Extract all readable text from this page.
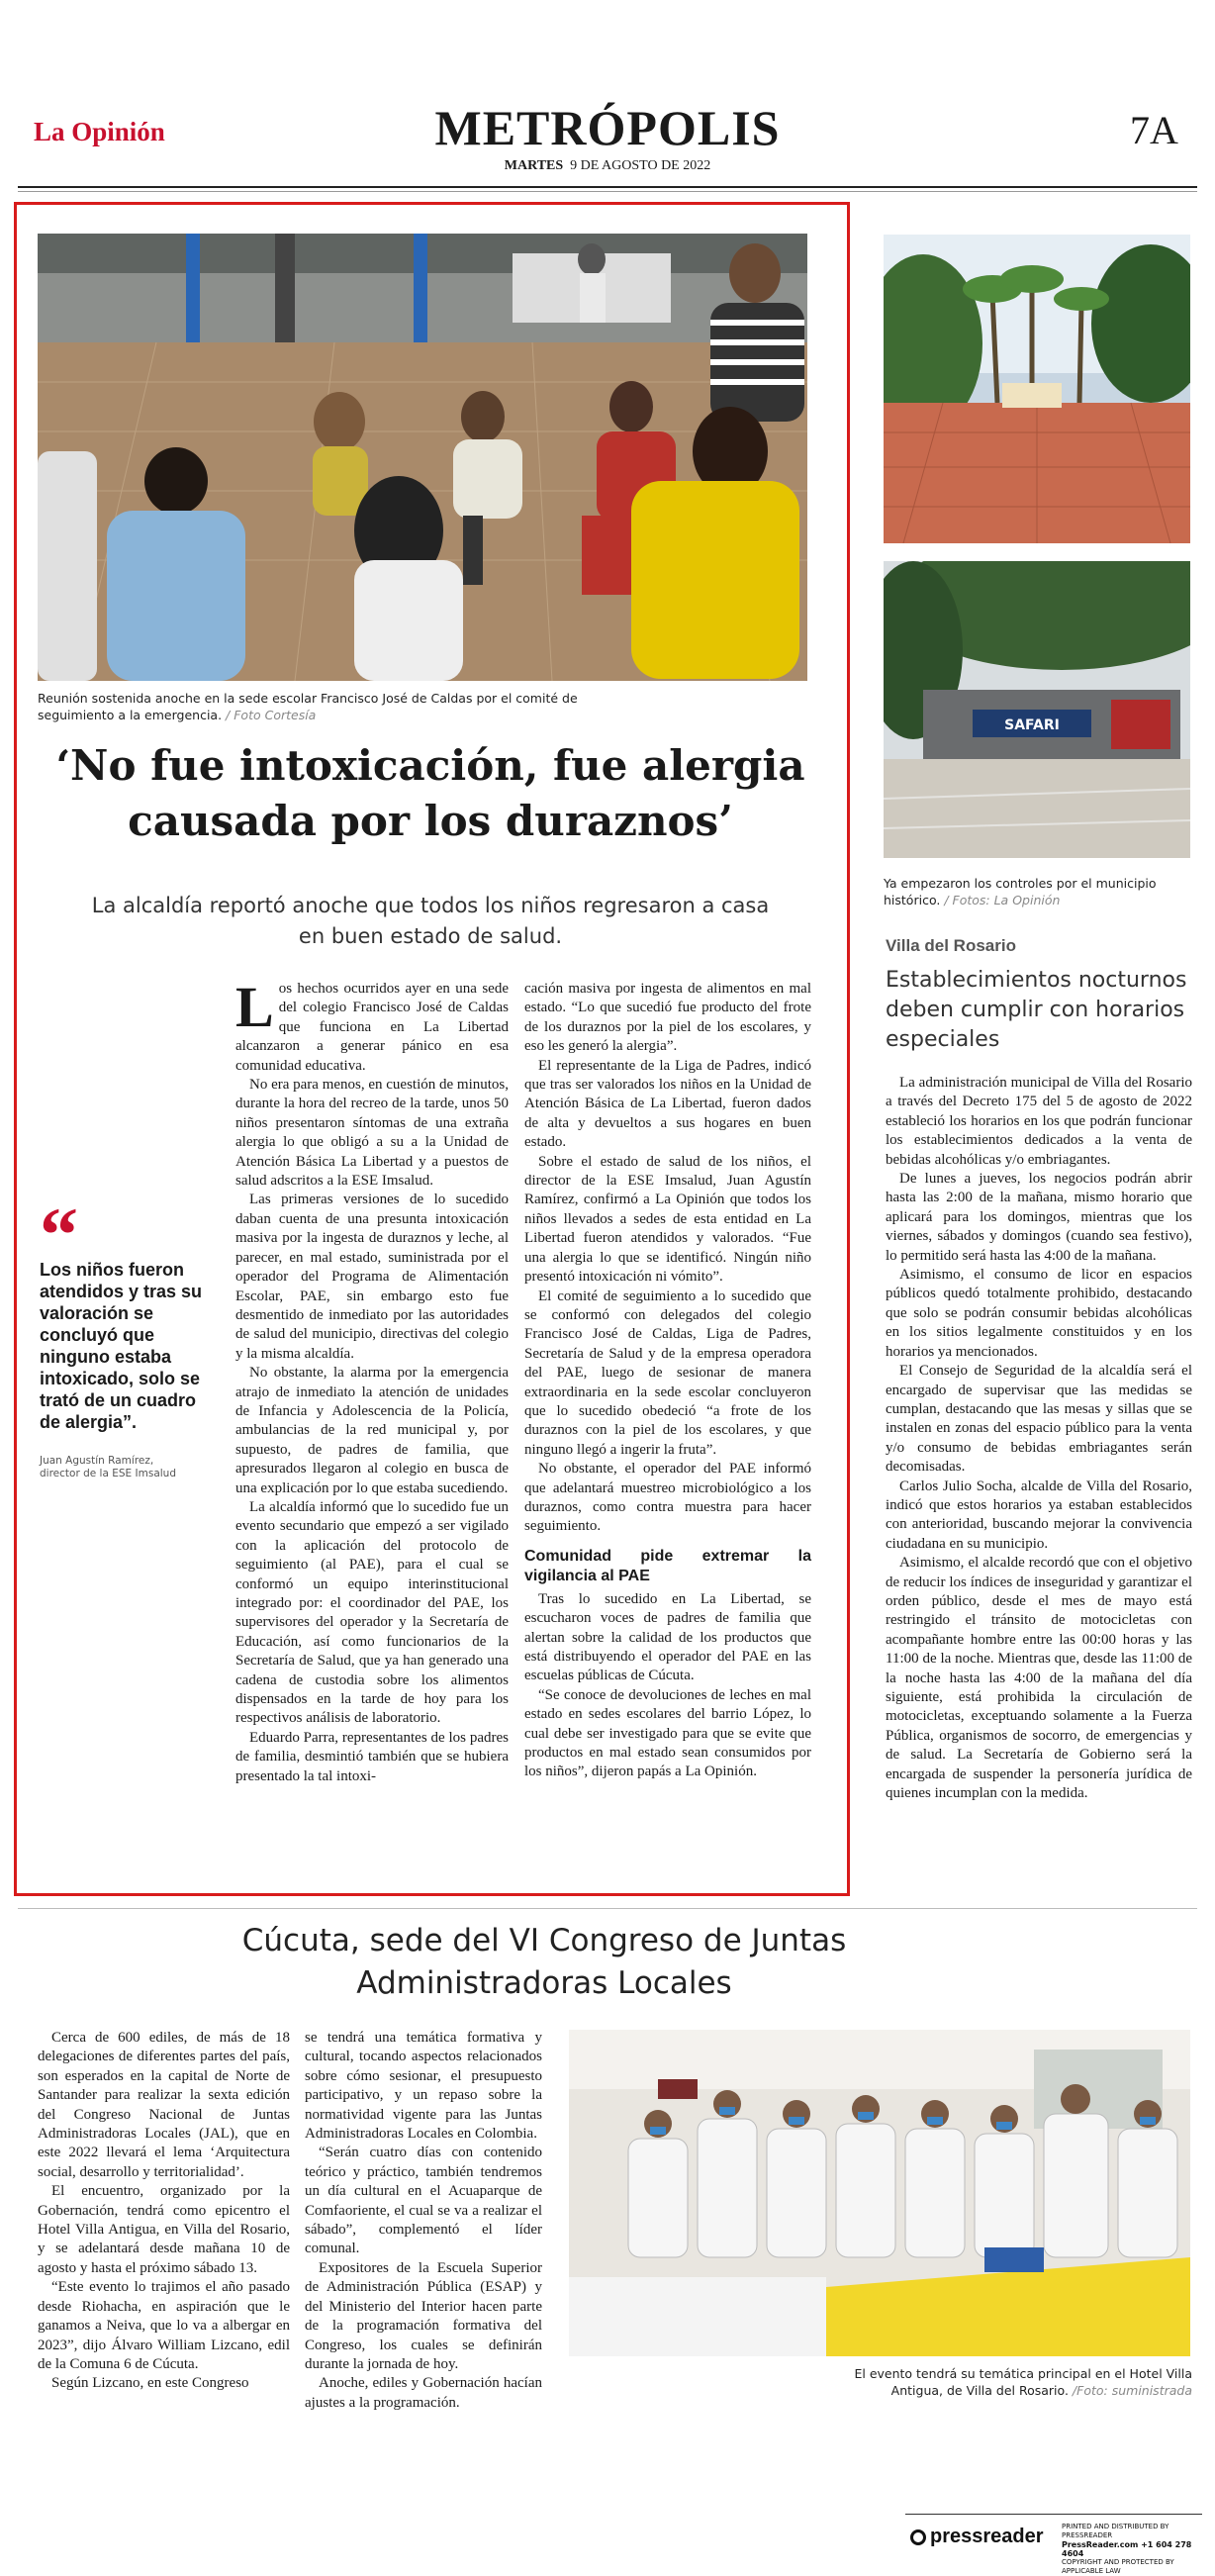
La Opinión	METRÓPOLIS
MARTES 9 DE AGOSTO DE 2022
7A
Reunión sostenida anoche en la sede escolar Francisco José de Caldas por el comité de seguimiento a la emergencia. / Foto Cortesía
‘No fue intoxicación, fue alergia causada por los duraznos’
La alcaldía reportó anoche que todos los niños regresaron a casa en buen estado de salud.
“
Los niños fueron atendidos y tras su valoración se concluyó que ninguno estaba intoxicado, solo se trató de un cuadro de alergia”.
Juan Agustín Ramírez,
director de la ESE Imsalud

Los hechos ocurridos ayer en una sede del colegio Francisco José de Caldas que funciona en La Libertad alcanzaron a generar pánico en esa comunidad educativa.

No era para menos, en cuestión de minutos, durante la hora del recreo de la tarde, unos 50 niños presentaron síntomas de una extraña alergia lo que obligó a su a la Unidad de Atención Básica La Libertad y a puestos de salud adscritos a la ESE Imsalud.

Las primeras versiones de lo sucedido daban cuenta de una presunta intoxicación masiva por la ingesta de duraznos y leche, al parecer, en mal estado, suministrada por el operador del Programa de Alimentación Escolar, PAE, sin embargo esto fue desmentido de inmediato por las autoridades de salud del municipio, directivas del colegio y la misma alcaldía.

No obstante, la alarma por la emergencia atrajo de inmediato la atención de unidades de Infancia y Adolescencia de la Policía, ambulancias de la red municipal y, por supuesto, de padres de familia, que apresurados llegaron al colegio en busca de una explicación por lo que estaba sucediendo.

La alcaldía informó que lo sucedido fue un evento secundario que empezó a ser vigilado con la aplicación del protocolo de seguimiento (al PAE), para el cual se conformó un equipo interinstitucional integrado por: el coordinador del PAE, los supervisores del operador y la Secretaría de Educación, así como funcionarios de la Secretaría de Salud, que ya han generado una cadena de custodia sobre los alimentos dispensados en la tarde de hoy para los respectivos análisis de laboratorio.

Eduardo Parra, representantes de los padres de familia, desmintió también que se hubiera presentado la tal intoxi-

cación masiva por ingesta de alimentos en mal estado. “Lo que sucedió fue producto del frote de los duraznos por la piel de los escolares, y eso les generó la alergia”.

El representante de la Liga de Padres, indicó que tras ser valorados los niños en la Unidad de Atención Básica de La Libertad, fueron dados de alta y devueltos a sus hogares en buen estado.

Sobre el estado de salud de los niños, el director de la ESE Imsalud, Juan Agustín Ramírez, confirmó a La Opinión que todos los niños llevados a sedes de esta entidad en La Libertad fueron atendidos y valorados. “Fue una alergia lo que se identificó. Ningún niño presentó intoxicación ni vómito”.

El comité de seguimiento a lo sucedido que se conformó con delegados del colegio Francisco José de Caldas, Liga de Padres, Secretaría de Salud y de la empresa operadora del PAE, luego de sesionar de manera extraordinaria en la sede escolar concluyeron que lo sucedido obedeció “a frote de los duraznos con la piel de los escolares, y que ninguno llegó a ingerir la fruta”.

No obstante, el operador del PAE informó que adelantará muestreo microbiológico a los duraznos, como contra muestra para hacer seguimiento.

Comunidad pide extremar la vigilancia al PAE

Tras lo sucedido en La Libertad, se escucharon voces de padres de familia que alertan sobre la calidad de los productos que está distribuyendo el operador del PAE en las escuelas públicas de Cúcuta.

“Se conoce de devoluciones de leches en mal estado en sedes escolares del barrio López, lo cual debe ser investigado para que se evite que productos en mal estado sean consumidos por los niños”, dijeron papás a La Opinión.

SAFARI
Ya empezaron los controles por el municipio histórico. / Fotos: La Opinión
Villa del Rosario
Establecimientos nocturnos deben cumplir con horarios especiales

La administración municipal de Villa del Rosario a través del Decreto 175 del 5 de agosto de 2022 estableció los horarios en los que podrán funcionar los establecimientos dedicados a la venta de bebidas alcohólicas y/o embriagantes.

De lunes a jueves, los negocios podrán abrir hasta las 2:00 de la mañana, mismo horario que aplicará para los domingos, mientras que los viernes, sábados y domingos (cuando sea festivo), lo permitido será hasta las 4:00 de la mañana.

Asimismo, el consumo de licor en espacios públicos quedó totalmente prohibido, destacando que solo se podrán consumir bebidas alcohólicas en los sitios legalmente constituidos y en los horarios ya mencionados.

El Consejo de Seguridad de la alcaldía será el encargado de supervisar que las medidas se cumplan, destacando que las mesas y sillas que se instalen en zonas del espacio público para la venta y/o consumo de bebidas embriagantes serán decomisadas.

Carlos Julio Socha, alcalde de Villa del Rosario, indicó que estos horarios ya estaban establecidos con anterioridad, buscando mejorar la convivencia ciudadana en su municipio.

Asimismo, el alcalde recordó que con el objetivo de reducir los índices de inseguridad y garantizar el orden público, desde el mes de mayo está restringido el tránsito de motocicletas con acompañante hombre entre las 00:00 horas y las 11:00 de la noche. Mientras que, desde las 11:00 de la noche hasta las 4:00 de la mañana del día siguiente, está prohibida la circulación de motocicletas, exceptuando solamente a la Fuerza Pública, organismos de socorro, de emergencias y de salud. La Secretaría de Gobierno será la encargada de suspender la personería jurídica de quienes incumplan con la medida.

Cúcuta, sede del VI Congreso de Juntas Administradoras Locales

Cerca de 600 ediles, de más de 18 delegaciones de diferentes partes del país, son esperados en la capital de Norte de Santander para realizar la sexta edición del Congreso Nacional de Juntas Administradoras Locales (JAL), que en este 2022 llevará el lema ‘Arquitectura social, desarrollo y territorialidad’.

El encuentro, organizado por la Gobernación, tendrá como epicentro el Hotel Villa Antigua, en Villa del Rosario, y se adelantará desde mañana 10 de agosto y hasta el próximo sábado 13.

“Este evento lo trajimos el año pasado desde Riohacha, en aspiración que le ganamos a Neiva, que lo va a albergar en 2023”, dijo Álvaro William Lizcano, edil de la Comuna 6 de Cúcuta.

Según Lizcano, en este Congreso

se tendrá una temática formativa y cultural, tocando aspectos relacionados sobre cómo sesionar, el presupuesto participativo, y un repaso sobre la normatividad vigente para las Juntas Administradoras Locales en Colombia.

“Serán cuatro días con contenido teórico y práctico, también tendremos un día cultural en el Acuaparque de Comfaoriente, el cual se va a realizar el sábado”, complementó el líder comunal.

Expositores de la Escuela Superior de Administración Pública (ESAP) y del Ministerio del Interior hacen parte de la programación formativa del Congreso, los cuales se definirán durante la jornada de hoy.

Anoche, ediles y Gobernación hacían ajustes a la programación.

El evento tendrá su temática principal en el Hotel Villa Antigua, de Villa del Rosario. /Foto: suministrada
pressreader	PRINTED AND DISTRIBUTED BY PRESSREADER
PressReader.com +1 604 278 4604
COPYRIGHT AND PROTECTED BY APPLICABLE LAW
